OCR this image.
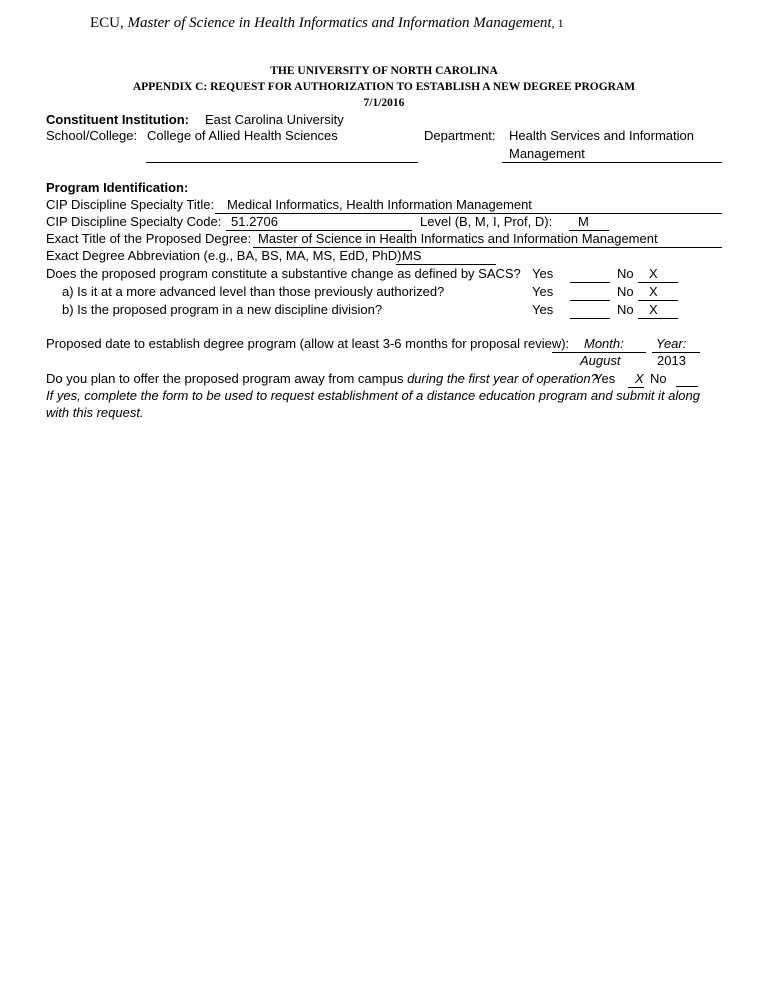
ECU, Master of Science in Health Informatics and Information Management, 1
THE UNIVERSITY OF NORTH CAROLINA
APPENDIX C: REQUEST FOR AUTHORIZATION TO ESTABLISH A NEW DEGREE PROGRAM
7/1/2016
Constituent Institution: East Carolina University
School/College: College of Allied Health Sciences	Department: Health Services and Information
Management
Program Identification:
CIP Discipline Specialty Title: Medical Informatics, Health Information Management
CIP Discipline Specialty Code: 51.2706	Level (B, M, I, Prof, D): M
Exact Title of the Proposed Degree: Master of Science in Health Informatics and Information Management
Exact Degree Abbreviation (e.g., BA, BS, MA, MS, EdD, PhD):
MS
Does the proposed program constitute a substantive change as defined by SACS? Yes	No X
a) Is it at a more advanced level than those previously authorized?	Yes	No X
b) Is the proposed program in a new discipline division?	Yes	No X
Proposed date to establish degree program (allow at least 3-6 months for proposal review): Month: Year:
August	2013
Do you plan to offer the proposed program away from campus during the first year of operation?
Yes X No
If yes, complete the form to be used to request establishment of a distance education program and submit it along
with this request.
